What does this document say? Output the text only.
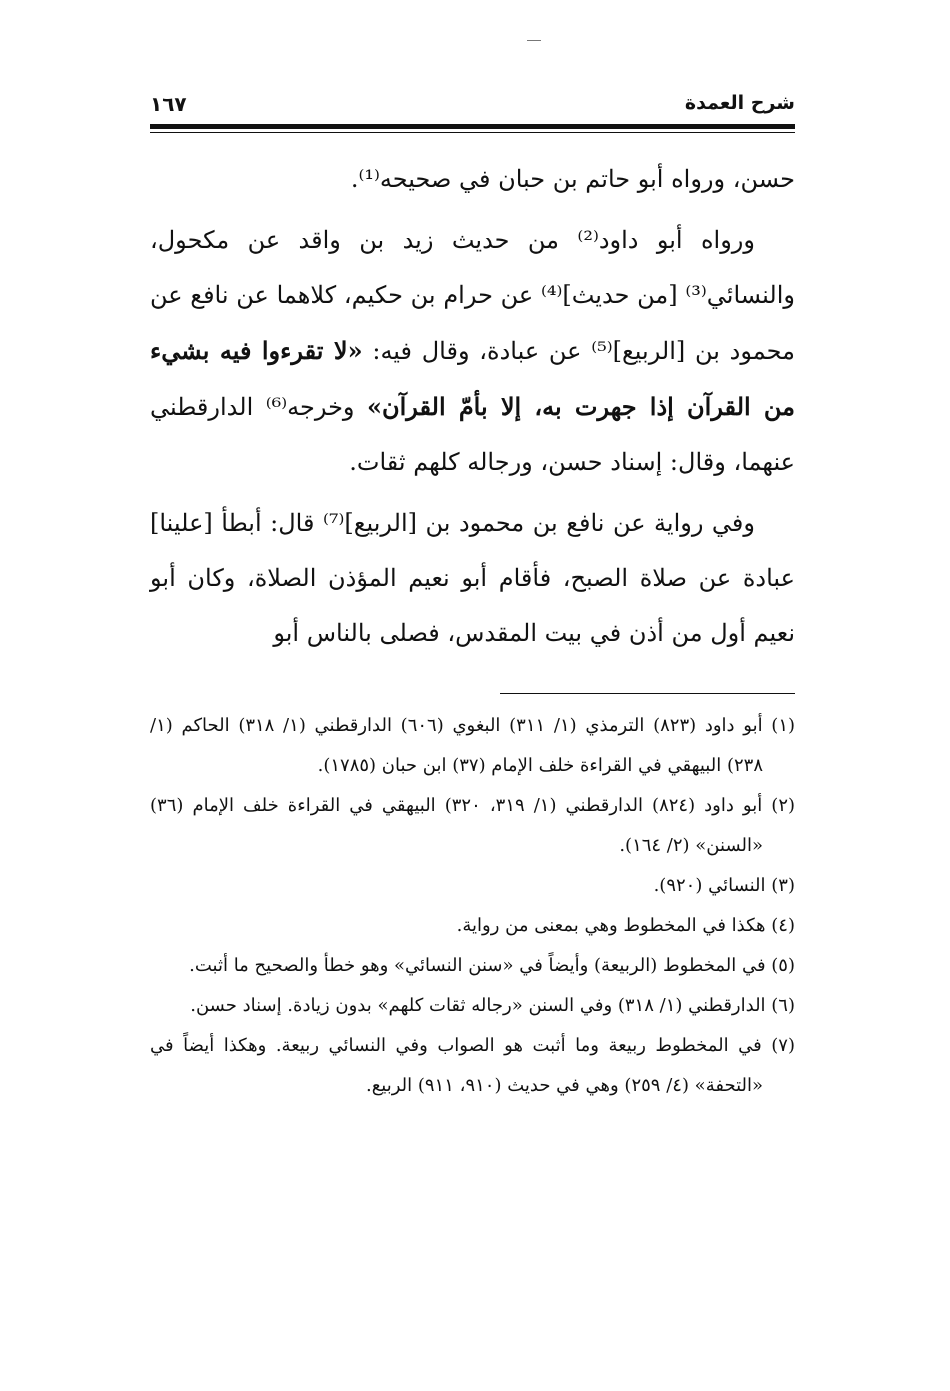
شرح العمدة
١٦٧

حسن، ورواه أبو حاتم بن حبان في صحيحه⁽¹⁾.

ورواه أبو داود⁽²⁾ من حديث زيد بن واقد عن مكحول، والنسائي⁽³⁾ [من حديث]⁽⁴⁾ عن حرام بن حكيم، كلاهما عن نافع عن محمود بن [الربيع]⁽⁵⁾ عن عبادة، وقال فيه: «لا تقرءوا فيه بشيء من القرآن إذا جهرت به، إلا بأمّ القرآن» وخرجه⁽⁶⁾ الدارقطني عنهما، وقال: إسناد حسن، ورجاله كلهم ثقات.

وفي رواية عن نافع بن محمود بن [الربيع]⁽⁷⁾ قال: أبطأ [علينا] عبادة عن صلاة الصبح، فأقام أبو نعيم المؤذن الصلاة، وكان أبو نعيم أول من أذن في بيت المقدس، فصلى بالناس أبو

(١) أبو داود (٨٢٣) الترمذي (١/ ٣١١) البغوي (٦٠٦) الدارقطني (١/ ٣١٨) الحاكم (١/ ٢٣٨) البيهقي في القراءة خلف الإمام (٣٧) ابن حبان (١٧٨٥).

(٢) أبو داود (٨٢٤) الدارقطني (١/ ٣١٩، ٣٢٠) البيهقي في القراءة خلف الإمام (٣٦) «السنن» (٢/ ١٦٤).

(٣) النسائي (٩٢٠).

(٤) هكذا في المخطوط وهي بمعنى من رواية.

(٥) في المخطوط (الربيعة) وأيضاً في «سنن النسائي» وهو خطأ والصحيح ما أثبت.

(٦) الدارقطني (١/ ٣١٨) وفي السنن «رجاله ثقات كلهم» بدون زيادة. إسناد حسن.

(٧) في المخطوط ربيعة وما أثبت هو الصواب وفي النسائي ربيعة. وهكذا أيضاً في «التحفة» (٤/ ٢٥٩) وهي في حديث (٩١٠، ٩١١) الربيع.
